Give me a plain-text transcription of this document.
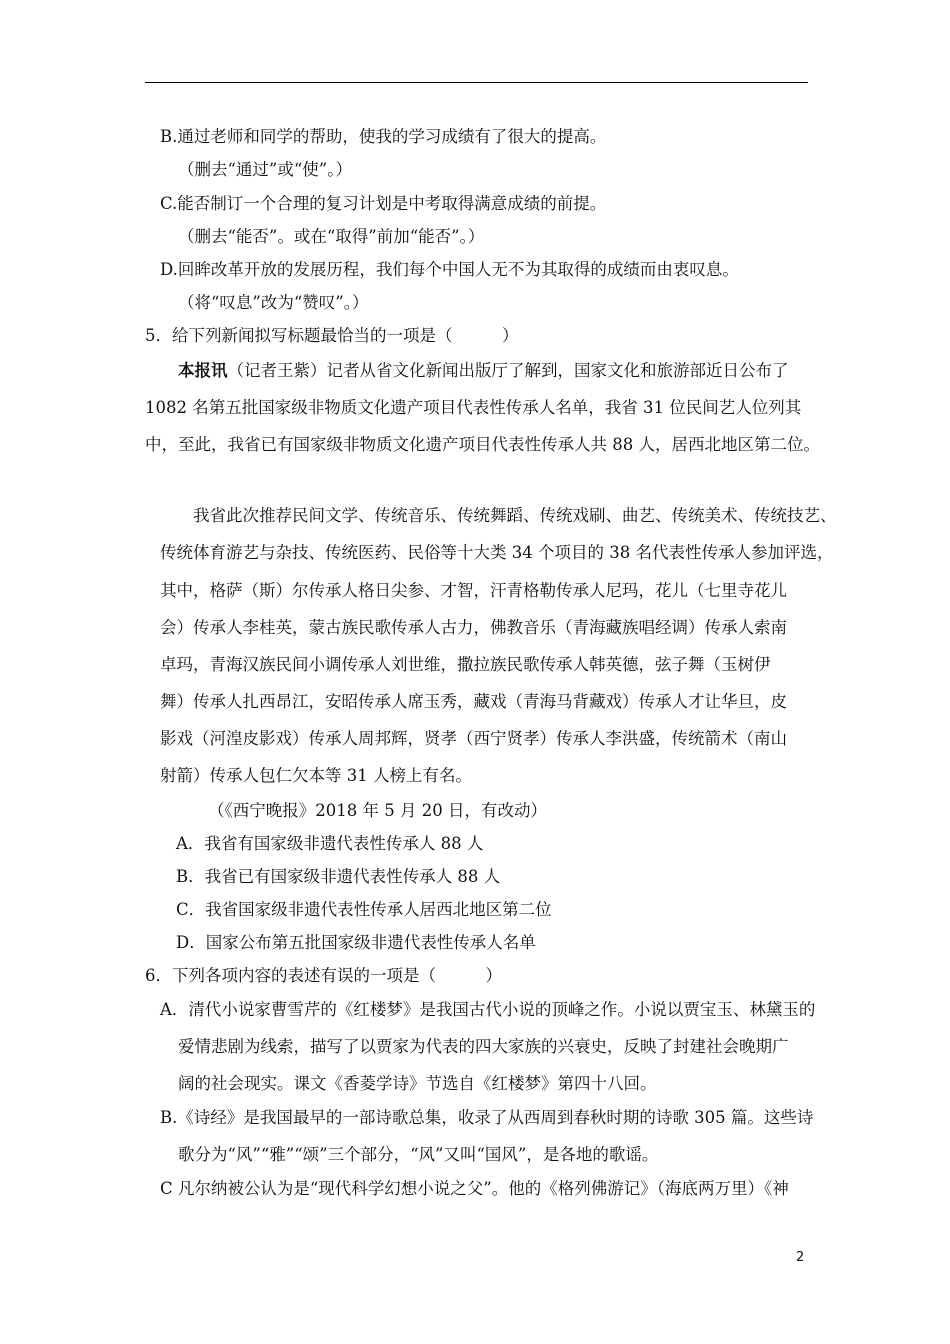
B.通过老师和同学的帮助，使我的学习成绩有了很大的提高。
（删去“通过”或“使”。）
C.能否制订一个合理的复习计划是中考取得满意成绩的前提。
（删去“能否”。或在“取得”前加“能否”。）
D.回眸改革开放的发展历程，我们每个中国人无不为其取得的成绩而由衷叹息。
（将“叹息”改为“赞叹”。）
5．给下列新闻拟写标题最恰当的一项是（　　　）
本报讯（记者王紫）记者从省文化新闻出版厅了解到，国家文化和旅游部近日公布了
1082 名第五批国家级非物质文化遗产项目代表性传承人名单，我省 31 位民间艺人位列其
中，至此，我省已有国家级非物质文化遗产项目代表性传承人共 88 人，居西北地区第二位。
我省此次推荐民间文学、传统音乐、传统舞蹈、传统戏刷、曲艺、传统美术、传统技艺、
传统体育游艺与杂技、传统医药、民俗等十大类 34 个项目的 38 名代表性传承人参加评选，
其中，格萨（斯）尔传承人格日尖参、才智，汗青格勒传承人尼玛，花儿（七里寺花儿
会）传承人李桂英，蒙古族民歌传承人古力，佛教音乐（青海藏族唱经调）传承人索南
卓玛，青海汉族民间小调传承人刘世维，撒拉族民歌传承人韩英德，弦子舞（玉树伊
舞）传承人扎西昂江，安昭传承人席玉秀，藏戏（青海马背藏戏）传承人才让华旦，皮
影戏（河湟皮影戏）传承人周邦辉，贤孝（西宁贤孝）传承人李洪盛，传统箭术（南山
射箭）传承人包仁欠本等 31 人榜上有名。
（《西宁晚报》2018 年 5 月 20 日，有改动）
A．我省有国家级非遗代表性传承人 88 人
B．我省已有国家级非遗代表性传承人 88 人
C．我省国家级非遗代表性传承人居西北地区第二位
D．国家公布第五批国家级非遗代表性传承人名单
6．下列各项内容的表述有误的一项是（　　　）
A．清代小说家曹雪芹的《红楼梦》是我国古代小说的顶峰之作。小说以贾宝玉、林黛玉的
爱情悲剧为线索，描写了以贾家为代表的四大家族的兴衰史，反映了封建社会晚期广
阔的社会现实。课文《香菱学诗》节选自《红楼梦》第四十八回。
B.《诗经》是我国最早的一部诗歌总集，收录了从西周到春秋时期的诗歌 305 篇。这些诗
歌分为“风”“雅”“颂”三个部分，“风”又叫“国风”，是各地的歌谣。
C 凡尔纳被公认为是“现代科学幻想小说之父”。他的《格列佛游记》（海底两万里）《神
2
